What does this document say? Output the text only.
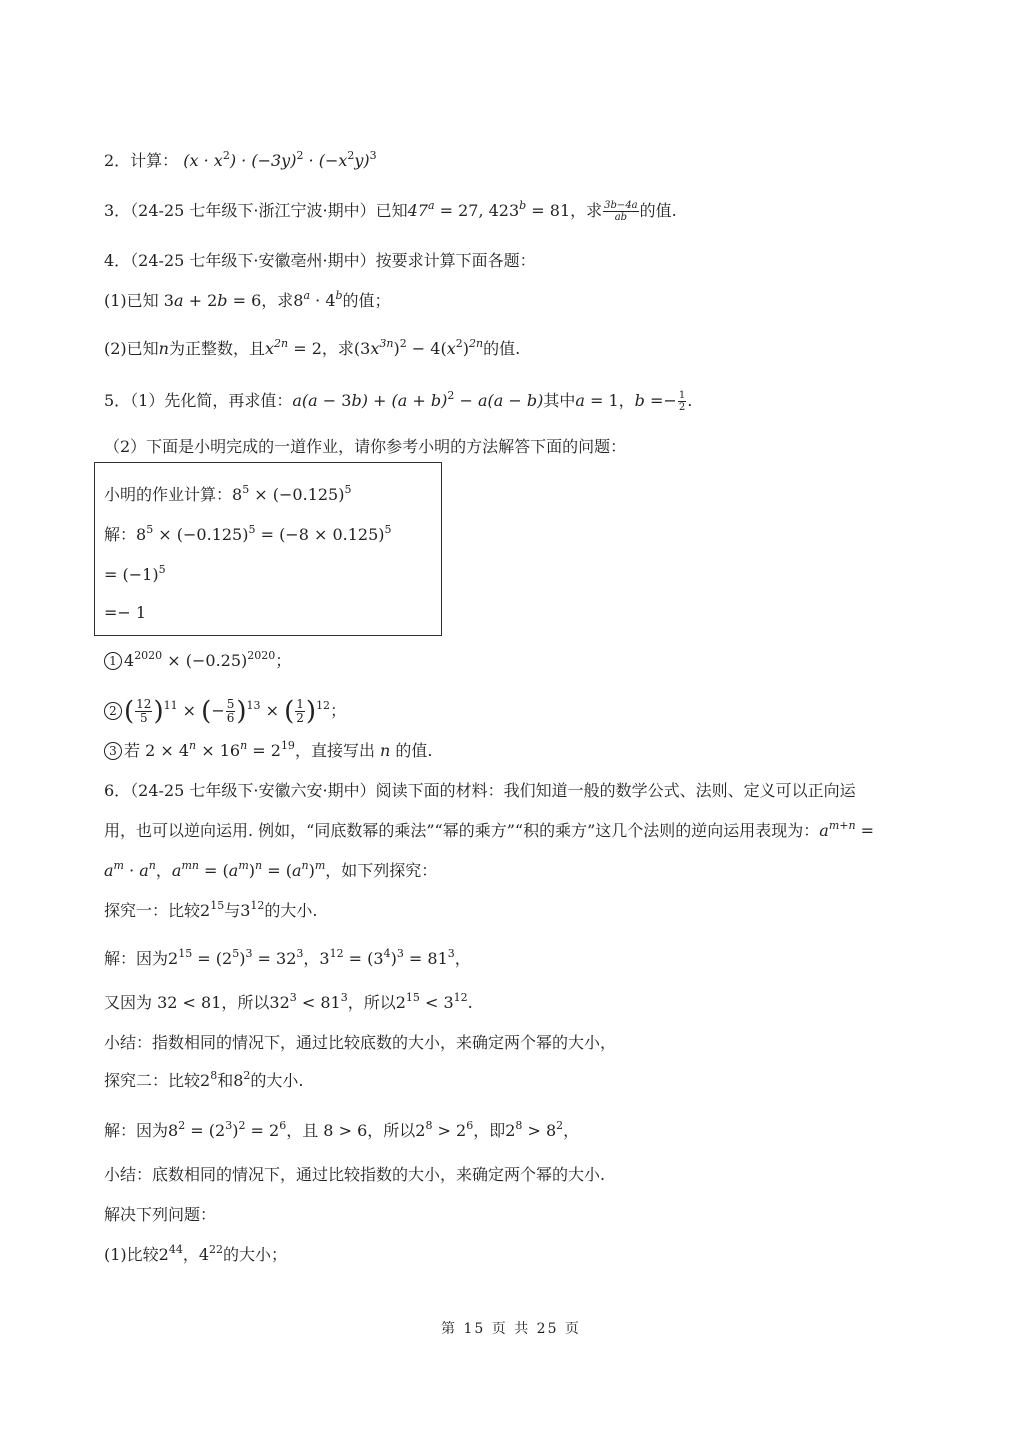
2．计算： $(x \cdot x^2) \cdot (-3y)^2 \cdot (-x^2y)^3$
3．（24-25 七年级下·浙江宁波·期中）已知$47^a = 27$, $423^b = 81$，求 $\frac{3b-4a}{ab}$ 的值.
4．（24-25 七年级下·安徽亳州·期中）按要求计算下面各题：
(1)已知 3a + 2b = 6，求$8^a \cdot 4^b$的值；
(2)已知n为正整数，且$x^{2n} = 2$，求$(3x^{3n})^2 - 4(x^2)^{2n}$的值.
5．（1）先化简，再求值：$a(a - 3b) + (a + b)^2 - a(a - b)$其中a = 1，$b =- \frac{1}{2}$ .
（2）下面是小明完成的一道作业，请你参考小明的方法解答下面的问题：
小明的作业计算：$8^5 \times (-0.125)^5$
解：$8^5 \times (-0.125)^5 = (-8 \times 0.125)^5$
= $(-1)^5$
=− 1
1 $4^{2020} \times (-0.25)^{2020}$；
2 ( $\frac{12}{5} )^{11}$ × (− $\frac{5}{6} )^{13}$ × ( $\frac{1}{2} )^{12}$；
3 若 $2 \times 4^n \times 16^n = 2^{19}$，直接写出 n 的值.
6．（24-25 七年级下·安徽六安·期中）阅读下面的材料：我们知道一般的数学公式、法则、定义可以正向运
用，也可以逆向运用. 例如，“同底数幂的乘法”“幂的乘方”“积的乘方”这几个法则的逆向运用表现为：$a^{m+n}$ =
$a^m \cdot a^n$，$a^{mn} = (a^m)^n = (a^n)^m$，如下列探究：
探究一：比较$2^{15}$与$3^{12}$的大小.
解：因为$2^{15} = (2^5)^3 = 32^3$，$3^{12} = (3^4)^3 = 81^3$，
又因为 32 < 81，所以$32^3 < 81^3$，所以$2^{15} < 3^{12}$.
小结：指数相同的情况下，通过比较底数的大小，来确定两个幂的大小，
探究二：比较$2^8$和$8^2$的大小.
解：因为$8^2 = (2^3)^2 = 2^6$，且 8 > 6，所以$2^8 > 2^6$，即$2^8 > 8^2$，
小结：底数相同的情况下，通过比较指数的大小，来确定两个幂的大小.
解决下列问题：
(1)比较$2^{44}$，$4^{22}$的大小；
第 15 页 共 25 页
